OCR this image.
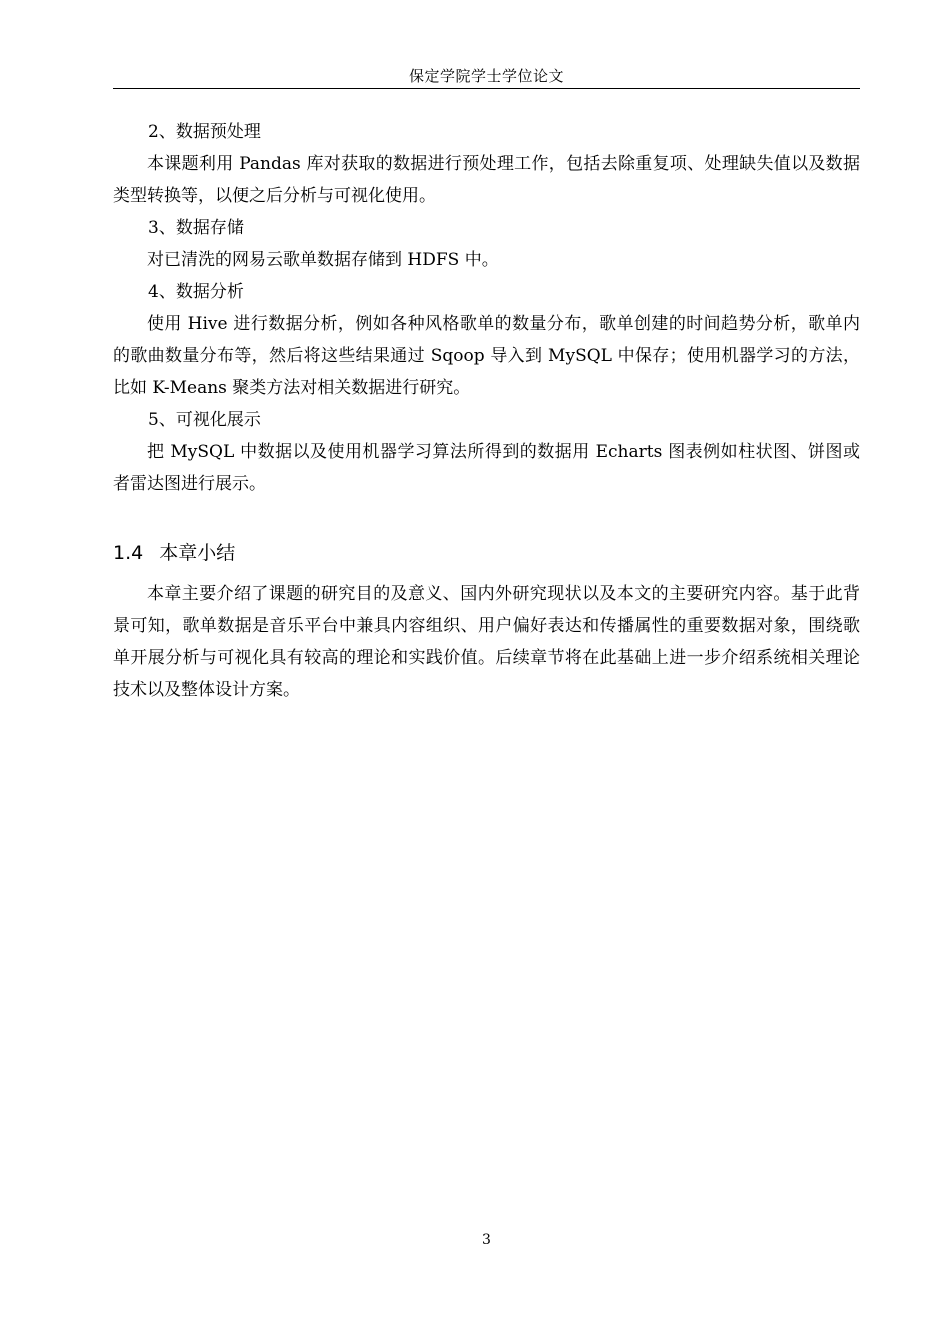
保定学院学士学位论文
2、数据预处理

本课题利用 Pandas 库对获取的数据进行预处理工作，包括去除重复项、处理缺失值以及数据类型转换等，以便之后分析与可视化使用。

3、数据存储

对已清洗的网易云歌单数据存储到 HDFS 中。

4、数据分析

使用 Hive 进行数据分析，例如各种风格歌单的数量分布，歌单创建的时间趋势分析，歌单内的歌曲数量分布等，然后将这些结果通过 Sqoop 导入到 MySQL 中保存；使用机器学习的方法，比如 K-Means 聚类方法对相关数据进行研究。

5、可视化展示

把 MySQL 中数据以及使用机器学习算法所得到的数据用 Echarts 图表例如柱状图、饼图或者雷达图进行展示。

1.4 本章小结

本章主要介绍了课题的研究目的及意义、国内外研究现状以及本文的主要研究内容。基于此背景可知，歌单数据是音乐平台中兼具内容组织、用户偏好表达和传播属性的重要数据对象，围绕歌单开展分析与可视化具有较高的理论和实践价值。后续章节将在此基础上进一步介绍系统相关理论技术以及整体设计方案。

3
